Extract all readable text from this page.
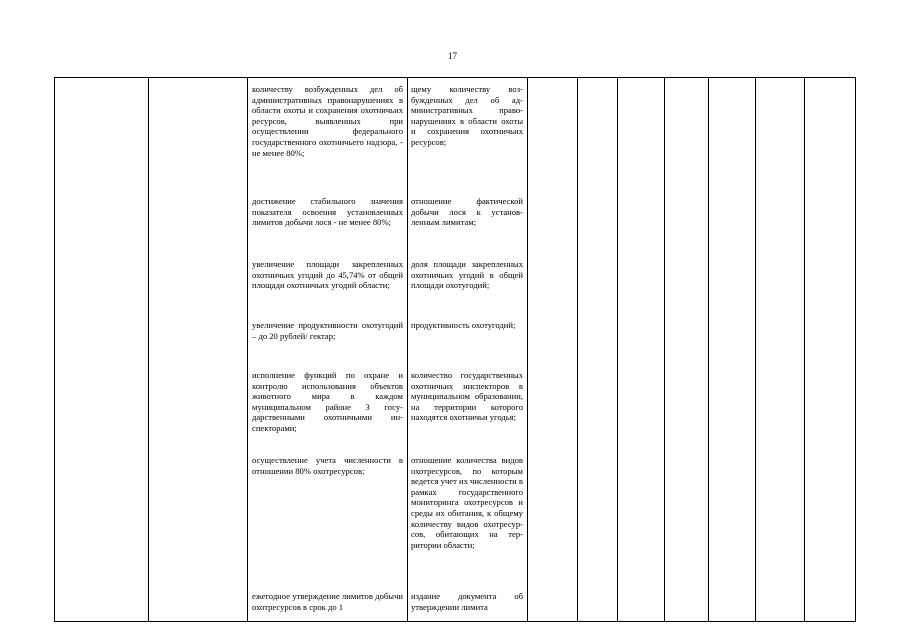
17
количеству возбужденных дел об административных правонарушениях в области охоты и сохранения охотничьих ресурсов, выявленных при осуществлении федерального государственного охотничьего надзора, - не менее 80%;
достижение стабильного значения показателя освоения установленных лимитов добычи лося - не менее 80%;
увеличение площади закрепленных охотничьих угодий до 45,74% от общей площади охотничьих угодий области;
увеличение продуктивности охотугодий – до 20 рублей/ гектар;
исполнение функций по охране и контролю использования объектов животного мира в каждом муниципальном районе 3 государственными охотничьими инспекторами;
осуществление учета численности в отношении 80% охотресурсов;
ежегодное утверждение лимитов добычи охотресурсов в срок до 1
щему количеству возбужденных дел об административных правонарушениях в области охоты и сохранения охотничьих ресурсов;
отношение фактической добычи лося к установленным лимитам;
доля площади закрепленных охотничьих угодий в общей площади охотугодий;
продуктивность охотугодий;
количество государственных охотничьих инспекторов в муниципальном образовании, на территории которого находятся охотничьи угодья;
отношение количества видов охотресурсов, по которым ведется учет их численности в рамках государственного мониторинга охотресурсов и среды их обитания, к общему количеству видов охотресурсов, обитающих на территории области;
издание документа об утверждении лимита
